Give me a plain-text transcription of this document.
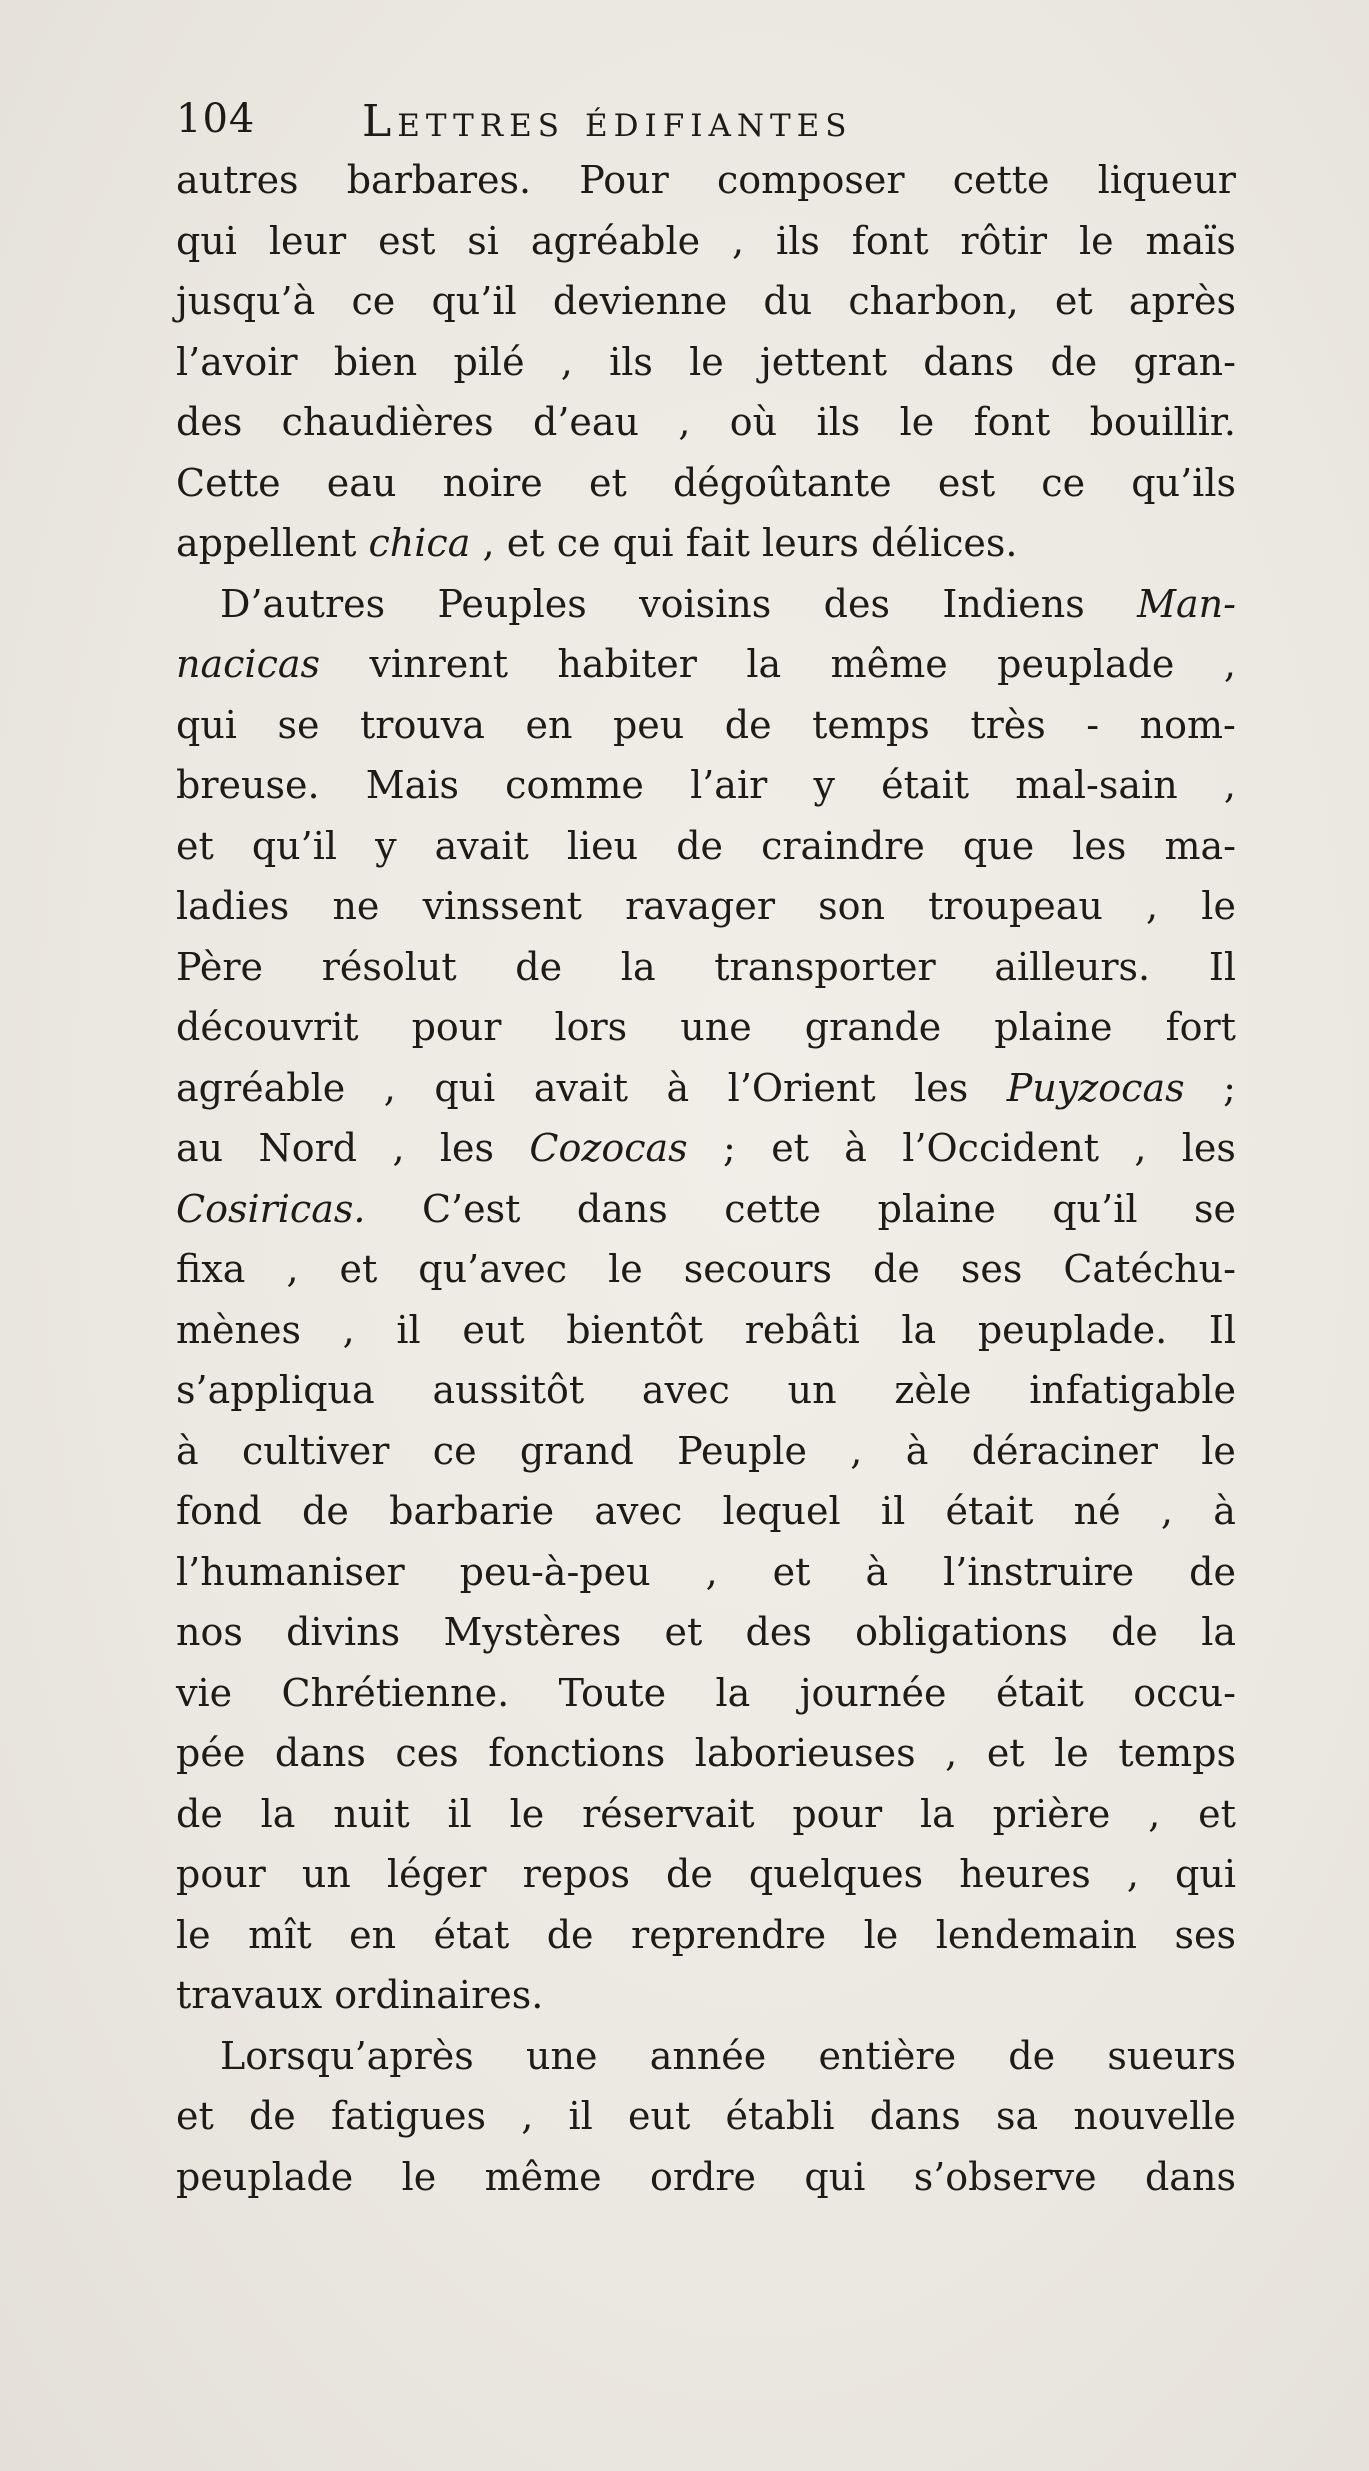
104 Lettres édifiantes
autres barbares. Pour composer cette liqueur
qui leur est si agréable , ils font rôtir le maïs
jusqu’à ce qu’il devienne du charbon, et après
l’avoir bien pilé , ils le jettent dans de gran-
des chaudières d’eau , où ils le font bouillir.
Cette eau noire et dégoûtante est ce qu’ils
appellent chica , et ce qui fait leurs délices.
D’autres Peuples voisins des Indiens Man-
nacicas vinrent habiter la même peuplade ,
qui se trouva en peu de temps très - nom-
breuse. Mais comme l’air y était mal-sain ,
et qu’il y avait lieu de craindre que les ma-
ladies ne vinssent ravager son troupeau , le
Père résolut de la transporter ailleurs. Il
découvrit pour lors une grande plaine fort
agréable , qui avait à l’Orient les Puyzocas ;
au Nord , les Cozocas ; et à l’Occident , les
Cosiricas. C’est dans cette plaine qu’il se
fixa , et qu’avec le secours de ses Catéchu-
mènes , il eut bientôt rebâti la peuplade. Il
s’appliqua aussitôt avec un zèle infatigable
à cultiver ce grand Peuple , à déraciner le
fond de barbarie avec lequel il était né , à
l’humaniser peu-à-peu , et à l’instruire de
nos divins Mystères et des obligations de la
vie Chrétienne. Toute la journée était occu-
pée dans ces fonctions laborieuses , et le temps
de la nuit il le réservait pour la prière , et
pour un léger repos de quelques heures , qui
le mît en état de reprendre le lendemain ses
travaux ordinaires.
Lorsqu’après une année entière de sueurs
et de fatigues , il eut établi dans sa nouvelle
peuplade le même ordre qui s’observe dans
